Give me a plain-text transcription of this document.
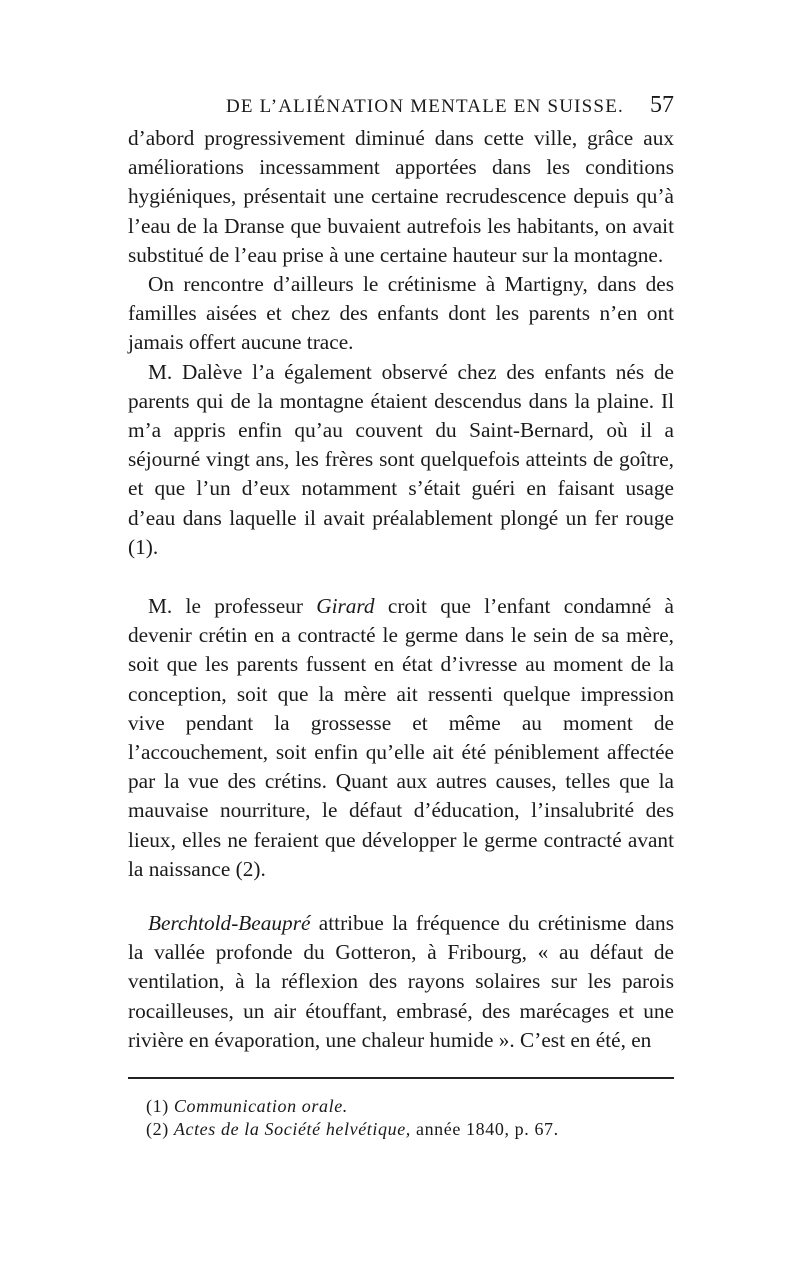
DE L’ALIÉNATION MENTALE EN SUISSE. 57

d’abord progressivement diminué dans cette ville, grâce aux améliorations incessamment apportées dans les conditions hygiéniques, présentait une certaine recrudescence depuis qu’à l’eau de la Dranse que buvaient autrefois les habitants, on avait substitué de l’eau prise à une certaine hauteur sur la montagne.

On rencontre d’ailleurs le crétinisme à Martigny, dans des familles aisées et chez des enfants dont les parents n’en ont jamais offert aucune trace.

M. Dalève l’a également observé chez des enfants nés de parents qui de la montagne étaient descendus dans la plaine. Il m’a appris enfin qu’au couvent du Saint-Bernard, où il a séjourné vingt ans, les frères sont quelquefois atteints de goître, et que l’un d’eux notamment s’était guéri en faisant usage d’eau dans laquelle il avait préalablement plongé un fer rouge (1).

M. le professeur Girard croit que l’enfant condamné à devenir crétin en a contracté le germe dans le sein de sa mère, soit que les parents fussent en état d’ivresse au moment de la conception, soit que la mère ait ressenti quelque impression vive pendant la grossesse et même au moment de l’accouchement, soit enfin qu’elle ait été péniblement affectée par la vue des crétins. Quant aux autres causes, telles que la mauvaise nourriture, le défaut d’éducation, l’insalubrité des lieux, elles ne feraient que développer le germe contracté avant la naissance (2).

Berchtold-Beaupré attribue la fréquence du crétinisme dans la vallée profonde du Gotteron, à Fribourg, « au défaut de ventilation, à la réflexion des rayons solaires sur les parois rocailleuses, un air étouffant, embrasé, des marécages et une rivière en évaporation, une chaleur humide ». C’est en été, en

(1) Communication orale.

(2) Actes de la Société helvétique, année 1840, p. 67.
